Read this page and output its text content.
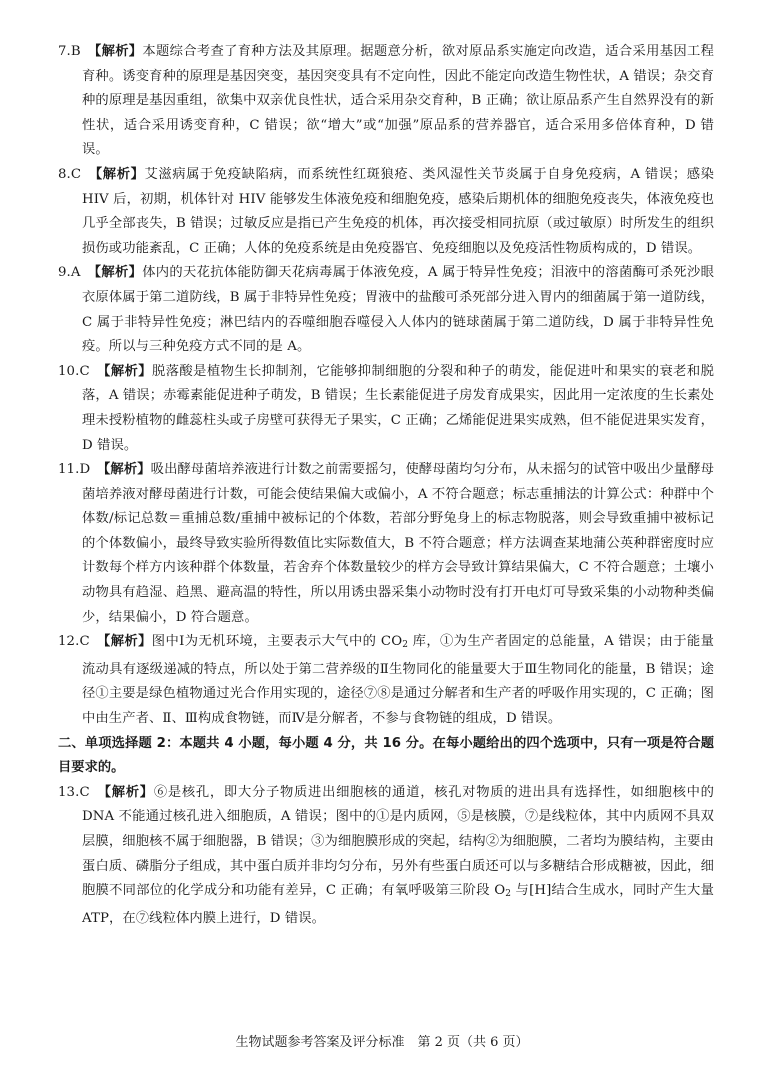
7.B　 【解析】本题综合考查了育种方法及其原理。据题意分析，欲对原品系实施定向改造，适合采用基因工程育种。诱变育种的原理是基因突变，基因突变具有不定向性，因此不能定向改造生物性状，A 错误；杂交育种的原理是基因重组，欲集中双亲优良性状，适合采用杂交育种，B 正确；欲让原品系产生自然界没有的新性状，适合采用诱变育种，C 错误；欲“增大”或“加强”原品系的营养器官，适合采用多倍体育种，D 错误。

8.C　 【解析】艾滋病属于免疫缺陷病，而系统性红斑狼疮、类风湿性关节炎属于自身免疫病，A 错误；感染 HIV 后，初期，机体针对 HIV 能够发生体液免疫和细胞免疫，感染后期机体的细胞免疫丧失，体液免疫也几乎全部丧失，B 错误；过敏反应是指已产生免疫的机体，再次接受相同抗原（或过敏原）时所发生的组织损伤或功能紊乱，C 正确；人体的免疫系统是由免疫器官、免疫细胞以及免疫活性物质构成的，D 错误。

9.A　 【解析】体内的天花抗体能防御天花病毒属于体液免疫，A 属于特异性免疫；泪液中的溶菌酶可杀死沙眼衣原体属于第二道防线，B 属于非特异性免疫；胃液中的盐酸可杀死部分进入胃内的细菌属于第一道防线，C 属于非特异性免疫；淋巴结内的吞噬细胞吞噬侵入人体内的链球菌属于第二道防线，D 属于非特异性免疫。所以与三种免疫方式不同的是 A。

10.C　 【解析】脱落酸是植物生长抑制剂，它能够抑制细胞的分裂和种子的萌发，能促进叶和果实的衰老和脱落，A 错误；赤霉素能促进种子萌发，B 错误；生长素能促进子房发育成果实，因此用一定浓度的生长素处理未授粉植物的雌蕊柱头或子房壁可获得无子果实，C 正确；乙烯能促进果实成熟，但不能促进果实发育，D 错误。

11.D　 【解析】吸出酵母菌培养液进行计数之前需要摇匀，使酵母菌均匀分布，从未摇匀的试管中吸出少量酵母菌培养液对酵母菌进行计数，可能会使结果偏大或偏小，A 不符合题意；标志重捕法的计算公式：种群中个体数/标记总数＝重捕总数/重捕中被标记的个体数，若部分野兔身上的标志物脱落，则会导致重捕中被标记的个体数偏小，最终导致实验所得数值比实际数值大，B 不符合题意；样方法调查某地蒲公英种群密度时应计数每个样方内该种群个体数量，若舍弃个体数量较少的样方会导致计算结果偏大，C 不符合题意；土壤小动物具有趋湿、趋黑、避高温的特性，所以用诱虫器采集小动物时没有打开电灯可导致采集的小动物种类偏少，结果偏小，D 符合题意。

12.C　 【解析】图中Ⅰ为无机环境，主要表示大气中的 $CO_2$ 库，①为生产者固定的总能量，A 错误；由于能量流动具有逐级递减的特点，所以处于第二营养级的Ⅱ生物同化的能量要大于Ⅲ生物同化的能量，B 错误；途径①主要是绿色植物通过光合作用实现的，途径⑦⑧是通过分解者和生产者的呼吸作用实现的，C 正确；图中由生产者、Ⅱ、Ⅲ构成食物链，而Ⅳ是分解者，不参与食物链的组成，D 错误。

二、单项选择题 2：本题共 4 小题，每小题 4 分，共 16 分。在每小题给出的四个选项中，只有一项是符合题目要求的。

13.C　 【解析】⑥是核孔，即大分子物质进出细胞核的通道，核孔对物质的进出具有选择性，如细胞核中的 DNA 不能通过核孔进入细胞质，A 错误；图中的①是内质网，⑤是核膜，⑦是线粒体，其中内质网不具双层膜，细胞核不属于细胞器，B 错误；③为细胞膜形成的突起，结构②为细胞膜，二者均为膜结构，主要由蛋白质、磷脂分子组成，其中蛋白质并非均匀分布，另外有些蛋白质还可以与多糖结合形成糖被，因此，细胞膜不同部位的化学成分和功能有差异，C 正确；有氧呼吸第三阶段 $O_2$ 与[H]结合生成水，同时产生大量 ATP，在⑦线粒体内膜上进行，D 错误。

生物试题参考答案及评分标准　第 2 页（共 6 页）
